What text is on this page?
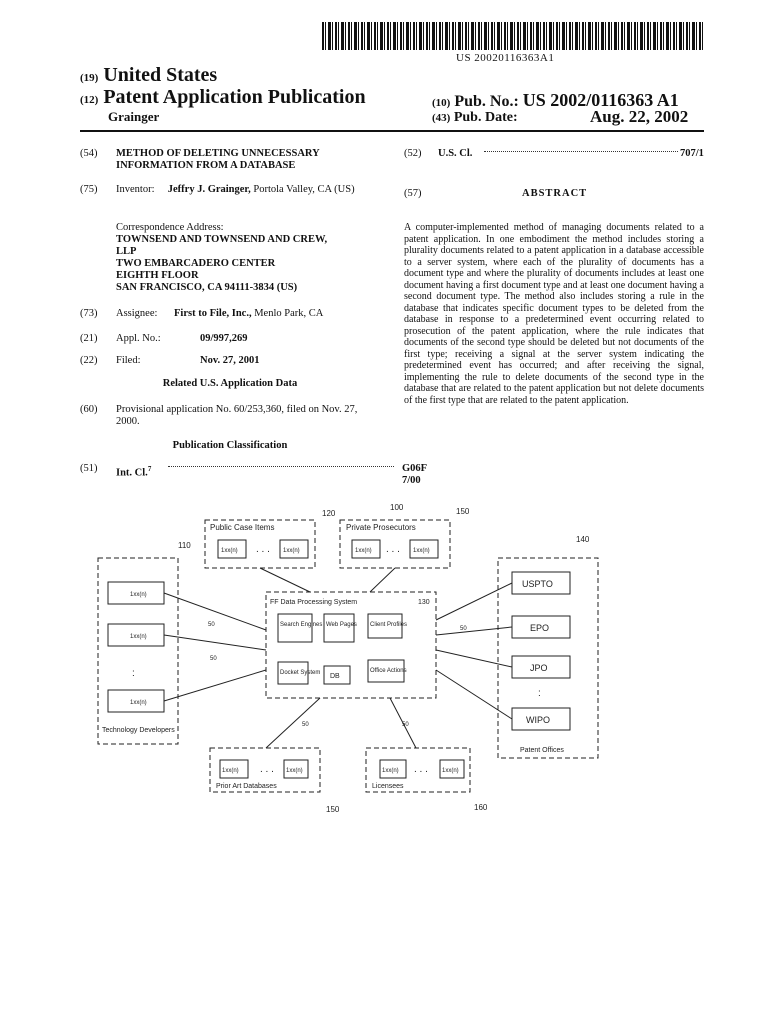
US 20020116363A1
(19) United States
(12) Patent Application Publication
Grainger
(10) Pub. No.: US 2002/0116363 A1
(43) Pub. Date:	Aug. 22, 2002
(54) METHOD OF DELETING UNNECESSARY INFORMATION FROM A DATABASE
(75) Inventor: Jeffry J. Grainger, Portola Valley, CA (US)
Correspondence Address:
TOWNSEND AND TOWNSEND AND CREW,
LLP
TWO EMBARCADERO CENTER
EIGHTH FLOOR
SAN FRANCISCO, CA 94111-3834 (US)
(73) Assignee: First to File, Inc., Menlo Park, CA
(21) Appl. No.:	09/997,269
(22) Filed:	Nov. 27, 2001
Related U.S. Application Data
(60) Provisional application No. 60/253,360, filed on Nov. 27, 2000.
Publication Classification
(51) Int. Cl.$^7$	G06F 7/00
(52) U.S. Cl.	707/1
(57)	ABSTRACT
A computer-implemented method of managing documents related to a patent application. In one embodiment the method includes storing a plurality documents related to a patent application in a database accessible to a server system, where each of the plurality of documents has a document type and where the plurality of documents includes at least one document having a first document type and at least one document having a second document type. The method also includes storing a rule in the database that indicates specific document types to be deleted from the database in response to a predetermined event occurring related to prosecution of the patent application, where the rule indicates that documents of the second type should be deleted but not documents of the first type; receiving a signal at the server system indicating the predetermined event has occurred; and after receiving the signal, implementing the rule to delete documents of the second type in the database that are related to the patent application but not delete documents of the first type that are related to the patent application.
Public Case Items
1xx(n) . . . 1xx(n)
120
Private Prosecutors
1xx(n) . . . 1xx(n)
150
1xx(n)
1xx(n)
:
1xx(n)
Technology Developers
110
FF Data Processing System	130
Search Engines Web Pages Client Profiles
Docket System DB
Office Actions
USPTO
EPO
JPO
:
WIPO
Patent Offices
140
1xx(n) . . . 1xx(n)
Prior Art Databases
150
1xx(n) . . . 1xx(n)
Licensees
160
50
50
50
50	50
100
